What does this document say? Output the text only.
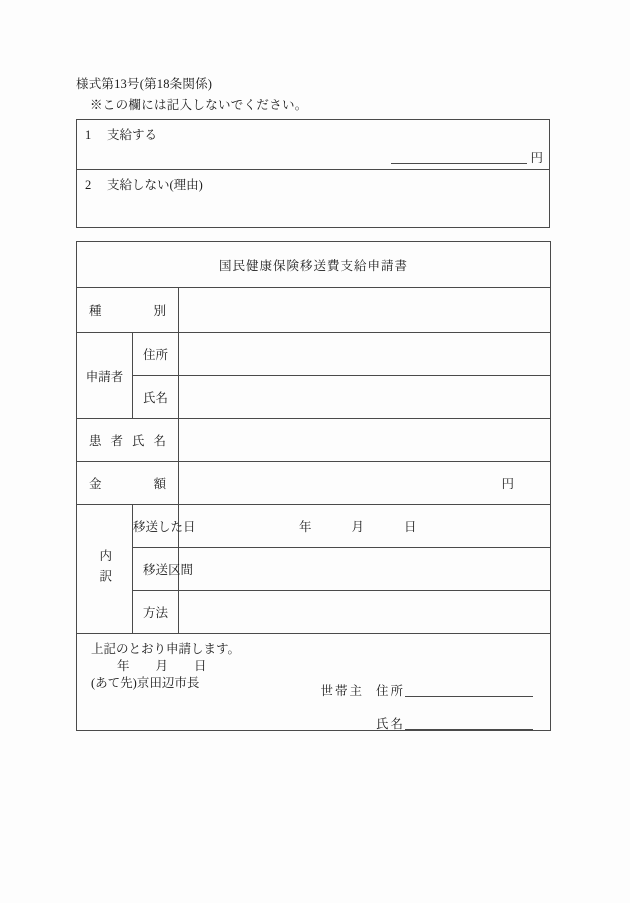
様式第13号(第18条関係)
※この欄には記入しないでください。
1 支給する
円
2 支給しない(理由)
国民健康保険移送費支給申請書		

種別		

申請者	住所	

	氏名	

患者氏名		

金額		円

内訳	移送した日	年 月 日

	移送区間	

	方法	

上記のとおり申請します。
年 月 日
(あて先)京田辺市長
世帯主 住所
氏名		
